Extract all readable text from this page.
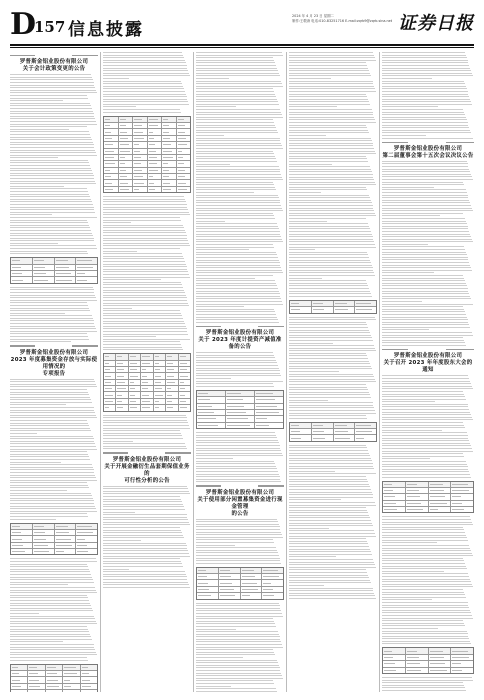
D
157 信息披露
2024 年 4 月 23 日 星期二
制作:王敬涛 电话:010-83251716 E-mail:zqrb9@zqrb.sina.net 证券日报
罗普斯金铝业股份有限公司
关于会计政策变更的公告
罗普斯金铝业股份有限公司
2023 年度募集资金存放与实际使用情况的
专项报告
罗普斯金铝业股份有限公司
关于开展金融衍生品套期保值业务的
可行性分析的公告
罗普斯金铝业股份有限公司
关于 2023 年度计提资产减值准备的公告
罗普斯金铝业股份有限公司
关于使用部分闲置募集资金进行现金管理
的公告
罗普斯金铝业股份有限公司
第二届董事会第十五次会议决议公告
罗普斯金铝业股份有限公司
关于召开 2023 年年度股东大会的通知
